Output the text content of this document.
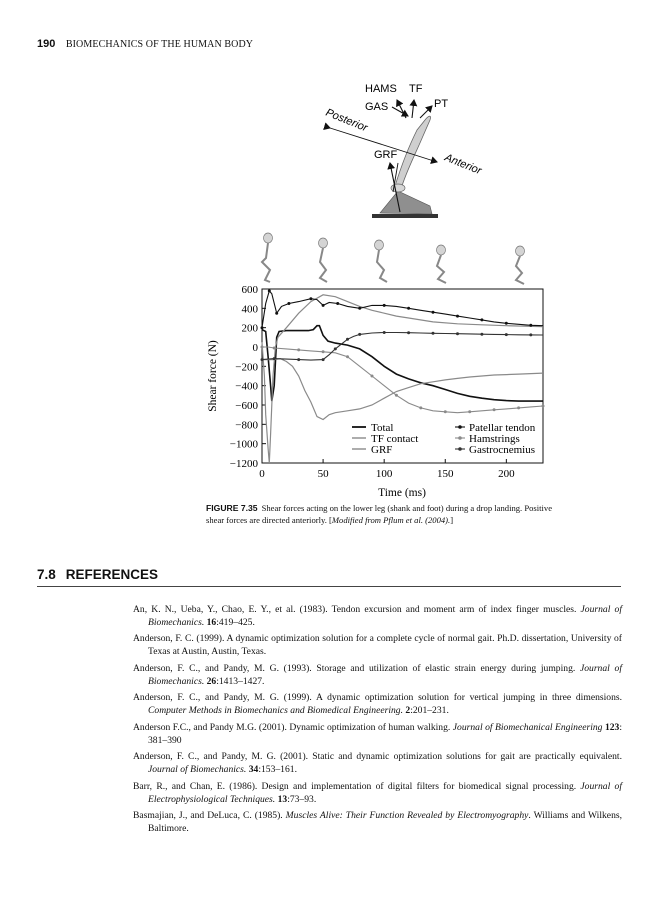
190 BIOMECHANICS OF THE HUMAN BODY
HAMS TF
GAS	PT
GRF
Posterior
Anterior
600
400
200
0
−200
−400
−600
−800
−1000
−1200
0	50	100	150	200
Time (ms)
Shear force (N)
Total
TF contact
GRF
Patellar tendon
Hamstrings
Gastrocnemius
FIGURE 7.35 Shear forces acting on the lower leg (shank and foot) during a drop landing. Positive shear forces are directed anteriorly. [Modified from Pflum et al. (2004).]
7.8 REFERENCES

An, K. N., Ueba, Y., Chao, E. Y., et al. (1983). Tendon excursion and moment arm of index finger muscles. Journal of Biomechanics. 16:419–425.

Anderson, F. C. (1999). A dynamic optimization solution for a complete cycle of normal gait. Ph.D. dissertation, University of Texas at Austin, Austin, Texas.

Anderson, F. C., and Pandy, M. G. (1993). Storage and utilization of elastic strain energy during jumping. Journal of Biomechanics. 26:1413–1427.

Anderson, F. C., and Pandy, M. G. (1999). A dynamic optimization solution for vertical jumping in three dimensions. Computer Methods in Biomechanics and Biomedical Engineering. 2:201–231.

Anderson F.C., and Pandy M.G. (2001). Dynamic optimization of human walking. Journal of Biomechanical Engineering 123: 381–390

Anderson, F. C., and Pandy, M. G. (2001). Static and dynamic optimization solutions for gait are practically equivalent. Journal of Biomechanics. 34:153–161.

Barr, R., and Chan, E. (1986). Design and implementation of digital filters for biomedical signal processing. Journal of Electrophysiological Techniques. 13:73–93.

Basmajian, J., and DeLuca, C. (1985). Muscles Alive: Their Function Revealed by Electromyography. Williams and Wilkens, Baltimore.
